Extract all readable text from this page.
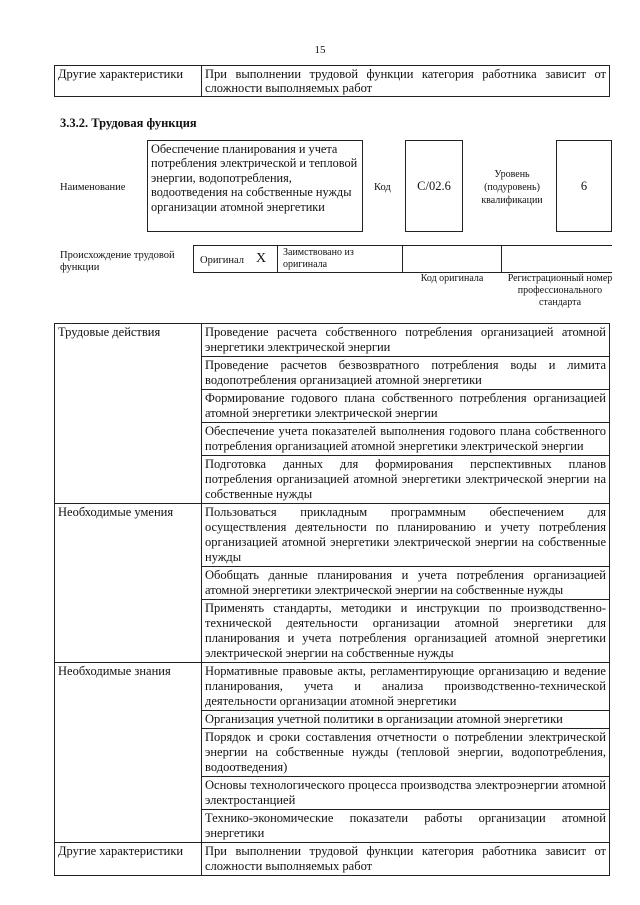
15
Другие характеристики	При выполнении трудовой функции категория работника зависит от сложности выполняемых работ
3.3.2. Трудовая функция
Наименование
Обеспечение планирования и учета потребления электрической и тепловой энергии, водопотребления, водоотведения на собственные нужды организации атомной энергетики
Код	C/02.6
Уровень (подуровень) квалификации
6
Происхождение трудовой функции
Оригинал X Заимствовано из оригинала
Код оригинала	Регистрационный номер профессионального стандарта
Трудовые действия	Проведение расчета собственного потребления организацией атомной энергетики электрической энергии
	Проведение расчетов безвозвратного потребления воды и лимита водопотребления организацией атомной энергетики
	Формирование годового плана собственного потребления организацией атомной энергетики электрической энергии
	Обеспечение учета показателей выполнения годового плана собственного потребления организацией атомной энергетики электрической энергии
	Подготовка данных для формирования перспективных планов потребления организацией атомной энергетики электрической энергии на собственные нужды
Необходимые умения	Пользоваться прикладным программным обеспечением для осуществления деятельности по планированию и учету потребления организацией атомной энергетики электрической энергии на собственные нужды
	Обобщать данные планирования и учета потребления организацией атомной энергетики электрической энергии на собственные нужды
	Применять стандарты, методики и инструкции по производственно-технической деятельности организации атомной энергетики для планирования и учета потребления организацией атомной энергетики электрической энергии на собственные нужды
Необходимые знания	Нормативные правовые акты, регламентирующие организацию и ведение планирования, учета и анализа производственно-технической деятельности организации атомной энергетики
	Организация учетной политики в организации атомной энергетики
	Порядок и сроки составления отчетности о потреблении электрической энергии на собственные нужды (тепловой энергии, водопотребления, водоотведения)
	Основы технологического процесса производства электроэнергии атомной электростанцией
	Технико-экономические показатели работы организации атомной энергетики
Другие характеристики	При выполнении трудовой функции категория работника зависит от сложности выполняемых работ
